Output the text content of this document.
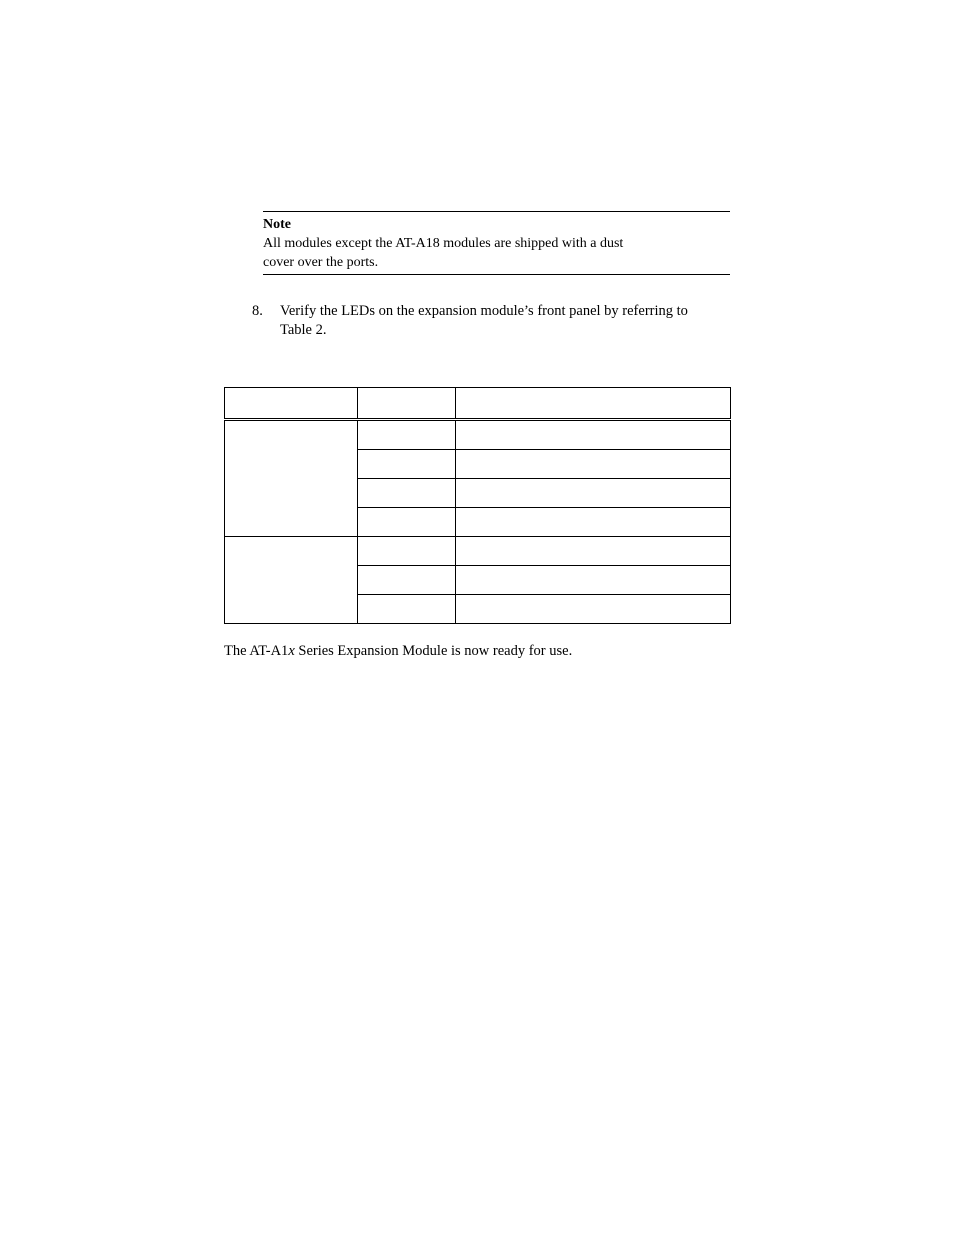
Note
All modules except the AT-A18 modules are shipped with a dust
cover over the ports.
8. Verify the LEDs on the expansion module’s front panel by referring to
Table 2.

The AT-A1x Series Expansion Module is now ready for use.
